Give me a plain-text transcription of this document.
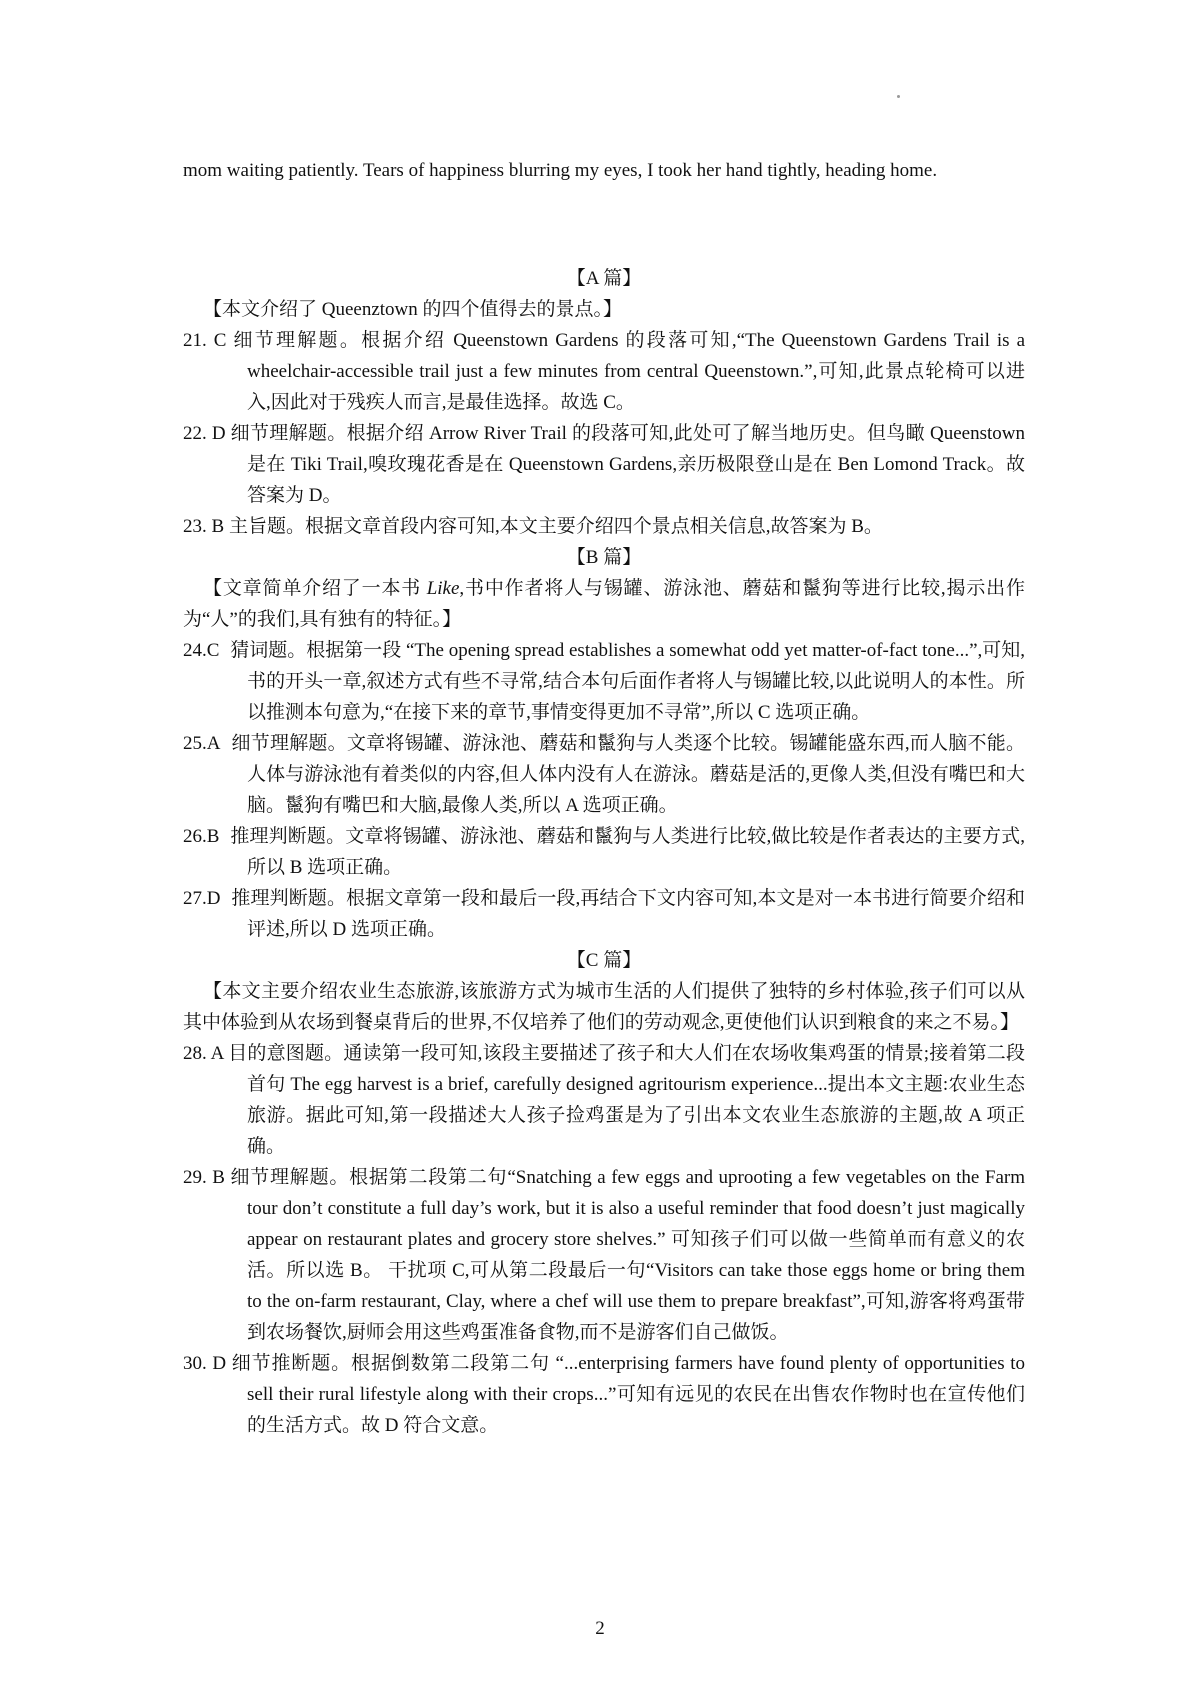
mom waiting patiently. Tears of happiness blurring my eyes, I took her hand tightly, heading home.

【A 篇】

【本文介绍了 Queenztown 的四个值得去的景点。】

21. C 细节理解题。根据介绍 Queenstown Gardens 的段落可知,“The Queenstown Gardens Trail is a wheelchair-accessible trail just a few minutes from central Queenstown.”,可知,此景点轮椅可以进入,因此对于残疾人而言,是最佳选择。故选 C。

22. D 细节理解题。根据介绍 Arrow River Trail 的段落可知,此处可了解当地历史。但鸟瞰 Queenstown 是在 Tiki Trail,嗅玫瑰花香是在 Queenstown Gardens,亲历极限登山是在 Ben Lomond Track。故答案为 D。

23. B 主旨题。根据文章首段内容可知,本文主要介绍四个景点相关信息,故答案为 B。

【B 篇】

【文章简单介绍了一本书 Like,书中作者将人与锡罐、游泳池、蘑菇和鬣狗等进行比较,揭示出作为“人”的我们,具有独有的特征。】

24.C 猜词题。根据第一段 “The opening spread establishes a somewhat odd yet matter-of-fact tone...”,可知,书的开头一章,叙述方式有些不寻常,结合本句后面作者将人与锡罐比较,以此说明人的本性。所以推测本句意为,“在接下来的章节,事情变得更加不寻常”,所以 C 选项正确。

25.A 细节理解题。文章将锡罐、游泳池、蘑菇和鬣狗与人类逐个比较。锡罐能盛东西,而人脑不能。人体与游泳池有着类似的内容,但人体内没有人在游泳。蘑菇是活的,更像人类,但没有嘴巴和大脑。鬣狗有嘴巴和大脑,最像人类,所以 A 选项正确。

26.B 推理判断题。文章将锡罐、游泳池、蘑菇和鬣狗与人类进行比较,做比较是作者表达的主要方式,所以 B 选项正确。

27.D 推理判断题。根据文章第一段和最后一段,再结合下文内容可知,本文是对一本书进行简要介绍和评述,所以 D 选项正确。

【C 篇】

【本文主要介绍农业生态旅游,该旅游方式为城市生活的人们提供了独特的乡村体验,孩子们可以从其中体验到从农场到餐桌背后的世界,不仅培养了他们的劳动观念,更使他们认识到粮食的来之不易。】

28. A 目的意图题。通读第一段可知,该段主要描述了孩子和大人们在农场收集鸡蛋的情景;接着第二段首句 The egg harvest is a brief, carefully designed agritourism experience...提出本文主题:农业生态旅游。据此可知,第一段描述大人孩子捡鸡蛋是为了引出本文农业生态旅游的主题,故 A 项正确。

29. B 细节理解题。根据第二段第二句“Snatching a few eggs and uprooting a few vegetables on the Farm tour don’t constitute a full day’s work, but it is also a useful reminder that food doesn’t just magically appear on restaurant plates and grocery store shelves.” 可知孩子们可以做一些简单而有意义的农活。所以选 B。 干扰项 C,可从第二段最后一句“Visitors can take those eggs home or bring them to the on-farm restaurant, Clay, where a chef will use them to prepare breakfast”,可知,游客将鸡蛋带到农场餐饮,厨师会用这些鸡蛋准备食物,而不是游客们自己做饭。

30. D 细节推断题。根据倒数第二段第二句 “...enterprising farmers have found plenty of opportunities to sell their rural lifestyle along with their crops...”可知有远见的农民在出售农作物时也在宣传他们的生活方式。故 D 符合文意。

2
